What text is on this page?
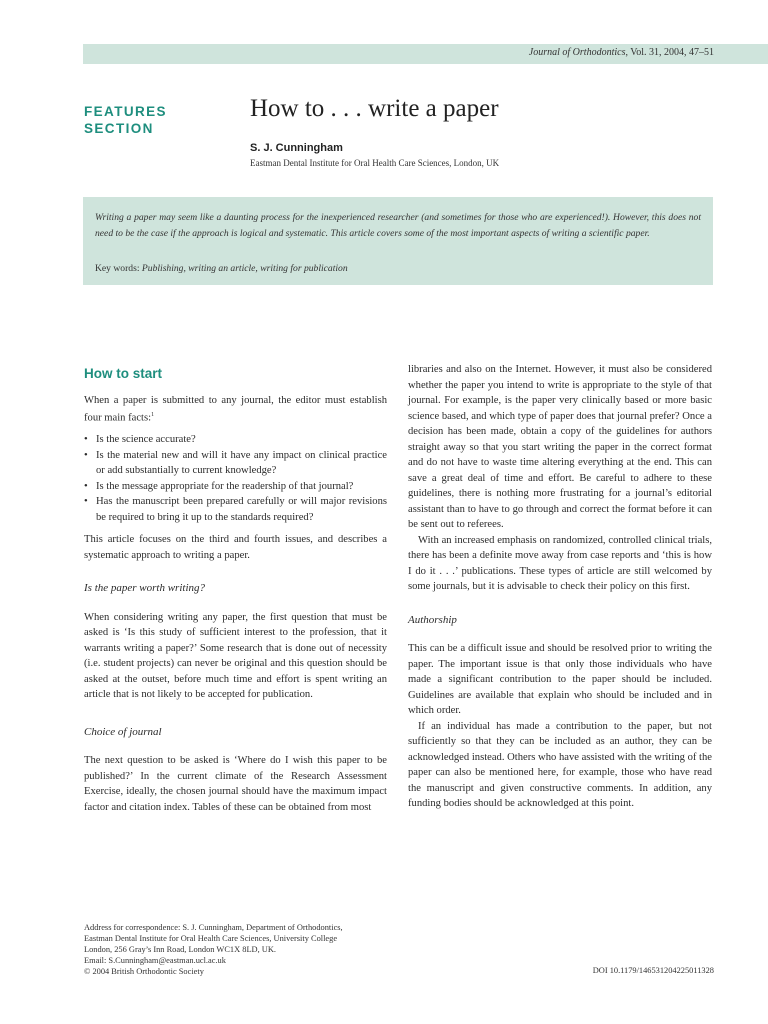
Journal of Orthodontics, Vol. 31, 2004, 47–51
FEATURES
SECTION
How to . . . write a paper
S. J. Cunningham
Eastman Dental Institute for Oral Health Care Sciences, London, UK

Writing a paper may seem like a daunting process for the inexperienced researcher (and sometimes for those who are experienced!). However, this does not need to be the case if the approach is logical and systematic. This article covers some of the most important aspects of writing a scientific paper.

Key words: Publishing, writing an article, writing for publication

How to start

When a paper is submitted to any journal, the editor must establish four main facts:$^1$

• Is the science accurate?
• Is the material new and will it have any impact on clinical practice or add substantially to current knowledge?
• Is the message appropriate for the readership of that journal?
• Has the manuscript been prepared carefully or will major revisions be required to bring it up to the standards required?

This article focuses on the third and fourth issues, and describes a systematic approach to writing a paper.

Is the paper worth writing?

When considering writing any paper, the first question that must be asked is ‘Is this study of sufficient interest to the profession, that it warrants writing a paper?’ Some research that is done out of necessity (i.e. student projects) can never be original and this question should be asked at the outset, before much time and effort is spent writing an article that is not likely to be accepted for publication.

Choice of journal

The next question to be asked is ‘Where do I wish this paper to be published?’ In the current climate of the Research Assessment Exercise, ideally, the chosen journal should have the maximum impact factor and citation index. Tables of these can be obtained from most

libraries and also on the Internet. However, it must also be considered whether the paper you intend to write is appropriate to the style of that journal. For example, is the paper very clinically based or more basic science based, and which type of paper does that journal prefer? Once a decision has been made, obtain a copy of the guidelines for authors straight away so that you start writing the paper in the correct format and do not have to waste time altering everything at the end. This can save a great deal of time and effort. Be careful to adhere to these guidelines, there is nothing more frustrating for a journal’s editorial assistant than to have to go through and correct the format before it can be sent out to referees.

With an increased emphasis on randomized, controlled clinical trials, there has been a definite move away from case reports and ‘this is how I do it . . .’ publications. These types of article are still welcomed by some journals, but it is advisable to check their policy on this first.

Authorship

This can be a difficult issue and should be resolved prior to writing the paper. The important issue is that only those individuals who have made a significant contribution to the paper should be included. Guidelines are available that explain who should be included and in which order.

If an individual has made a contribution to the paper, but not sufficiently so that they can be included as an author, they can be acknowledged instead. Others who have assisted with the writing of the paper can also be mentioned here, for example, those who have read the manuscript and given constructive comments. In addition, any funding bodies should be acknowledged at this point.

Address for correspondence: S. J. Cunningham, Department of Orthodontics,
Eastman Dental Institute for Oral Health Care Sciences, University College
London, 256 Gray’s Inn Road, London WC1X 8LD, UK.
Email: S.Cunningham@eastman.ucl.ac.uk
© 2004 British Orthodontic Society	DOI 10.1179/146531204225011328
